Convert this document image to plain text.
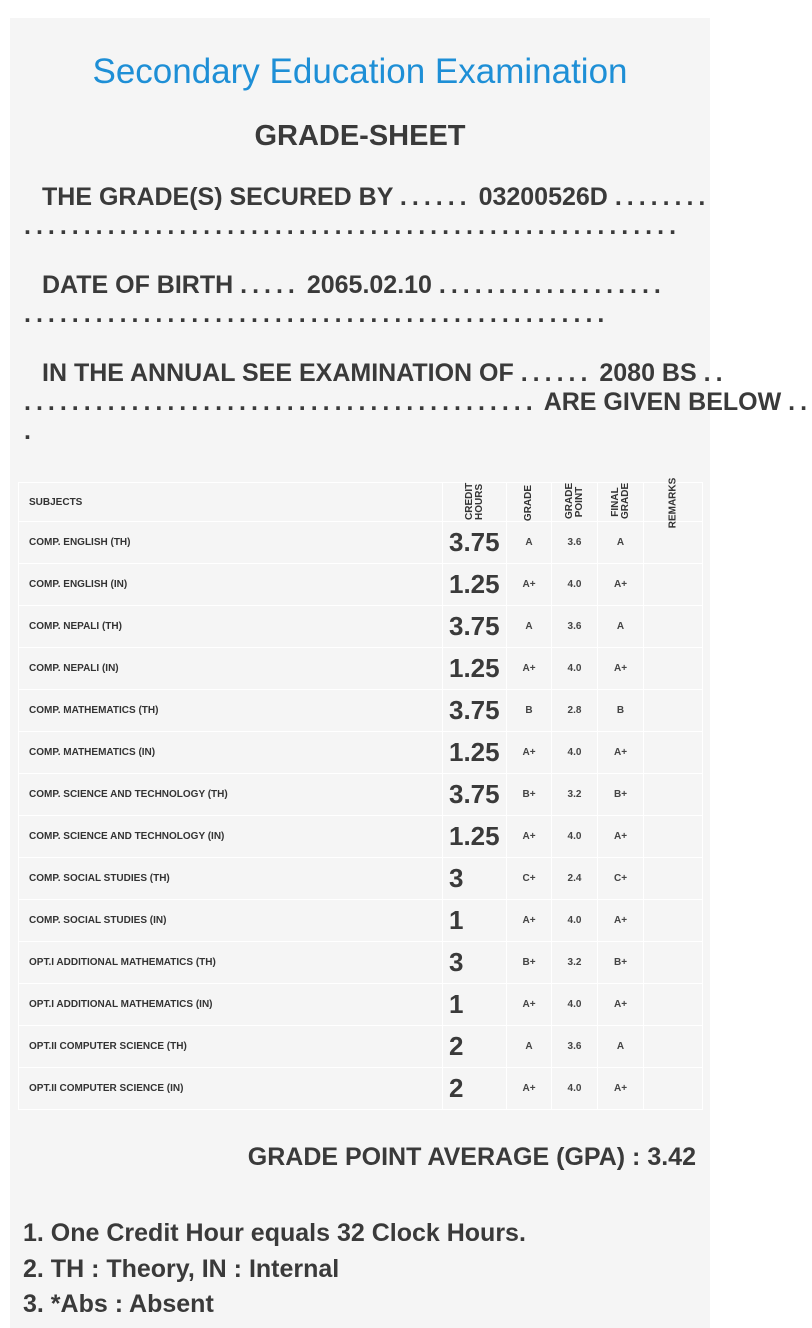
Secondary Education Examination
GRADE-SHEET
THE GRADE(S) SECURED BY ...... 03200526D ........
.......................................................
DATE OF BIRTH ..... 2065.02.10 ...................
.................................................
IN THE ANNUAL SEE EXAMINATION OF ...... 2080 BS ..
........................................... ARE GIVEN BELOW ..
.
SUBJECTS	CREDIT HOURS	GRADE	GRADE POINT	FINAL GRADE	REMARKS
COMP. ENGLISH (TH)	3.75	A	3.6	A	
COMP. ENGLISH (IN)	1.25	A+	4.0	A+	
COMP. NEPALI (TH)	3.75	A	3.6	A	
COMP. NEPALI (IN)	1.25	A+	4.0	A+	
COMP. MATHEMATICS (TH)	3.75	B	2.8	B	
COMP. MATHEMATICS (IN)	1.25	A+	4.0	A+	
COMP. SCIENCE AND TECHNOLOGY (TH)	3.75	B+	3.2	B+	
COMP. SCIENCE AND TECHNOLOGY (IN)	1.25	A+	4.0	A+	
COMP. SOCIAL STUDIES (TH)	3	C+	2.4	C+	
COMP. SOCIAL STUDIES (IN)	1	A+	4.0	A+	
OPT.I ADDITIONAL MATHEMATICS (TH)	3	B+	3.2	B+	
OPT.I ADDITIONAL MATHEMATICS (IN)	1	A+	4.0	A+	
OPT.II COMPUTER SCIENCE (TH)	2	A	3.6	A	
OPT.II COMPUTER SCIENCE (IN)	2	A+	4.0	A+	
GRADE POINT AVERAGE (GPA) : 3.42
1. One Credit Hour equals 32 Clock Hours.
2. TH : Theory, IN : Internal
3. *Abs : Absent
